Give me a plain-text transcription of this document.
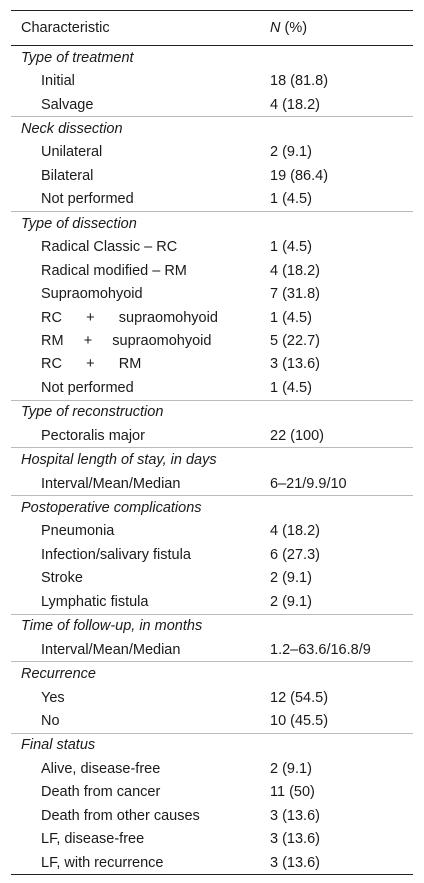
Characteristic	N (%)
Type of treatment
Initial	18 (81.8)
Salvage	4 (18.2)
Neck dissection
Unilateral	2 (9.1)
Bilateral	19 (86.4)
Not performed	1 (4.5)
Type of dissection
Radical Classic – RC	1 (4.5)
Radical modified – RM	4 (18.2)
Supraomohyoid	7 (31.8)
RC      +      supraomohyoid	1 (4.5)
RM     +     supraomohyoid	5 (22.7)
RC      +      RM	3 (13.6)
Not performed	1 (4.5)
Type of reconstruction
Pectoralis major	22 (100)
Hospital length of stay, in days
Interval/Mean/Median	6–21/9.9/10
Postoperative complications
Pneumonia	4 (18.2)
Infection/salivary fistula	6 (27.3)
Stroke	2 (9.1)
Lymphatic fistula	2 (9.1)
Time of follow-up, in months
Interval/Mean/Median	1.2–63.6/16.8/9
Recurrence
Yes	12 (54.5)
No	10 (45.5)
Final status
Alive, disease-free	2 (9.1)
Death from cancer	11 (50)
Death from other causes	3 (13.6)
LF, disease-free	3 (13.6)
LF, with recurrence	3 (13.6)
